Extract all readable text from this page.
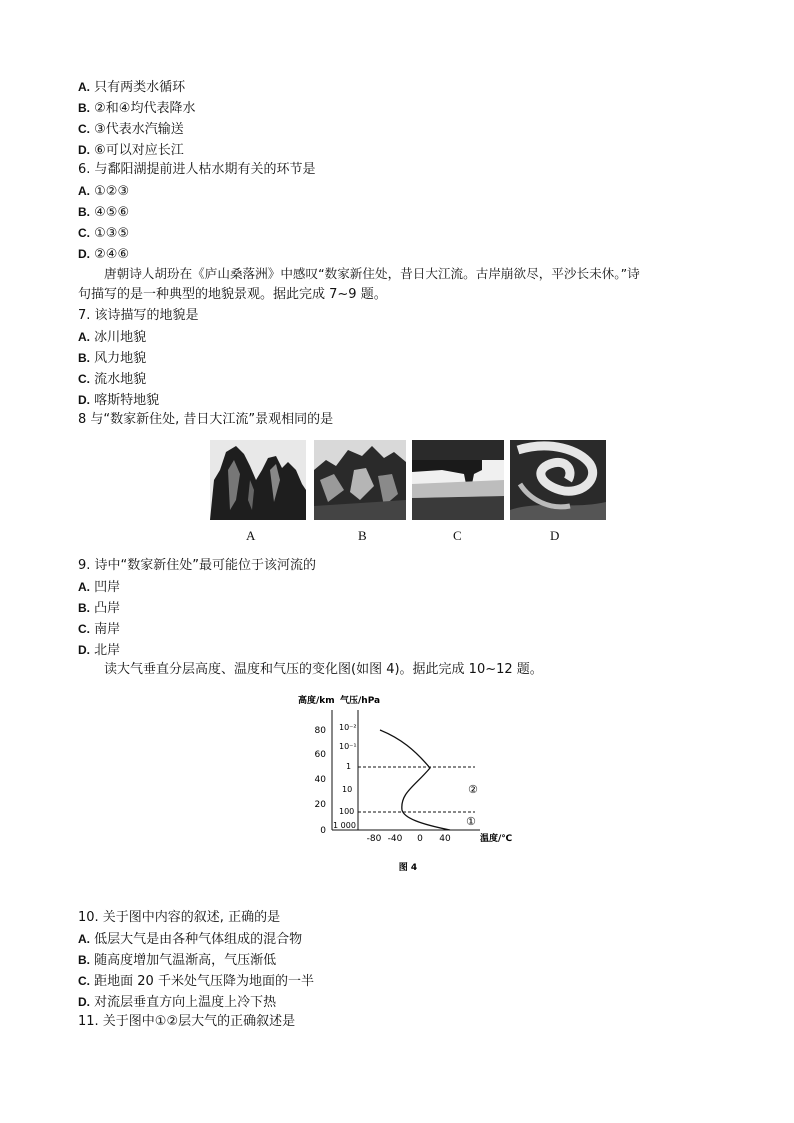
A. 只有两类水循环
B. ②和④均代表降水
C. ③代表水汽输送
D. ⑥可以对应长江
6. 与鄱阳湖提前进人枯水期有关的环节是
A. ①②③
B. ④⑤⑥
C. ①③⑤
D. ②④⑥
唐朝诗人胡玢在《庐山桑落洲》中感叹“数家新住处，昔日大江流。古岸崩欲尽，平沙长未休。”诗
句描写的是一种典型的地貌景观。据此完成 7~9 题。
7. 该诗描写的地貌是
A. 冰川地貌
B. 风力地貌
C. 流水地貌
D. 喀斯特地貌
8 与“数家新住处, 昔日大江流”景观相同的是
A	B	C	D
9. 诗中“数家新住处”最可能位于该河流的
A. 凹岸
B. 凸岸
C. 南岸
D. 北岸
读大气垂直分层高度、温度和气压的变化图(如图 4)。据此完成 10~12 题。
高度/km 气压/hPa
80
60
40
20
0
10⁻²
10⁻¹
1
10
100
1 000
-80 -40 0 40	温度/℃
②
①
图 4
10. 关于图中内容的叙述, 正确的是
A. 低层大气是由各种气体组成的混合物
B. 随高度增加气温渐高，气压渐低
C. 距地面 20 千米处气压降为地面的一半
D. 对流层垂直方向上温度上冷下热
11. 关于图中①②层大气的正确叙述是
